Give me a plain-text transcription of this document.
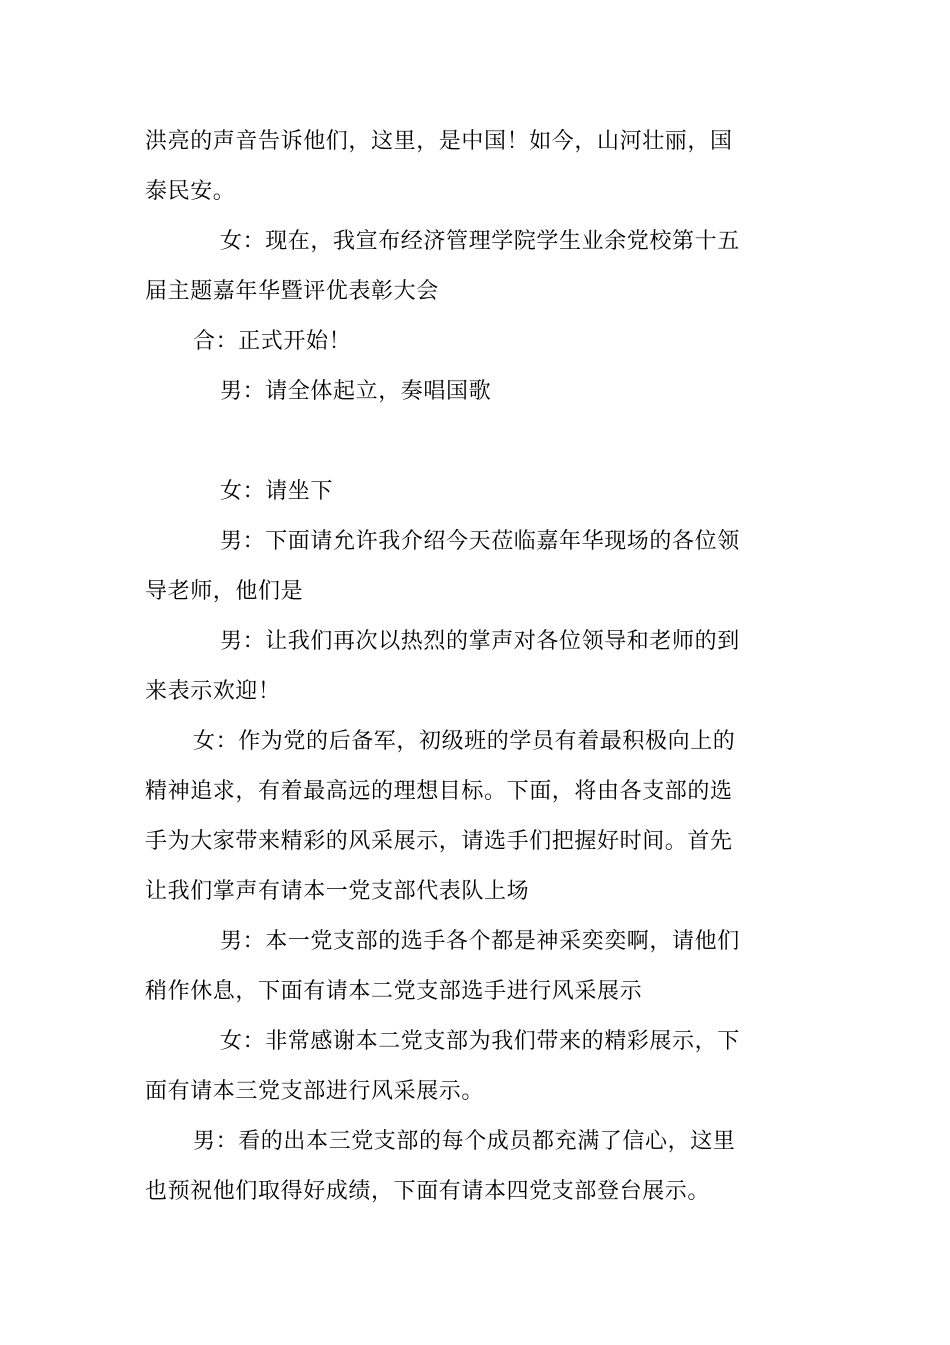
洪亮的声音告诉他们，这里，是中国！如今，山河壮丽，国
泰民安。
女：现在，我宣布经济管理学院学生业余党校第十五
届主题嘉年华暨评优表彰大会
合：正式开始！
男：请全体起立，奏唱国歌
女：请坐下
男：下面请允许我介绍今天莅临嘉年华现场的各位领
导老师，他们是
男：让我们再次以热烈的掌声对各位领导和老师的到
来表示欢迎！
女：作为党的后备军，初级班的学员有着最积极向上的
精神追求，有着最高远的理想目标。下面，将由各支部的选
手为大家带来精彩的风采展示，请选手们把握好时间。首先
让我们掌声有请本一党支部代表队上场
男：本一党支部的选手各个都是神采奕奕啊，请他们
稍作休息，下面有请本二党支部选手进行风采展示
女：非常感谢本二党支部为我们带来的精彩展示，下
面有请本三党支部进行风采展示。
男：看的出本三党支部的每个成员都充满了信心，这里
也预祝他们取得好成绩，下面有请本四党支部登台展示。
